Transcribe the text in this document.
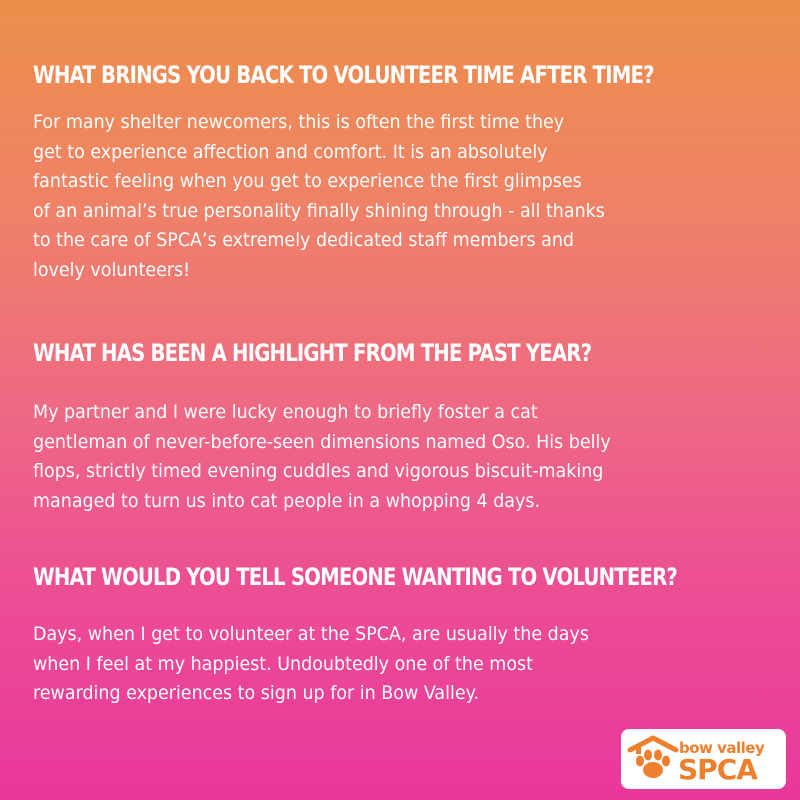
WHAT BRINGS YOU BACK TO VOLUNTEER TIME AFTER TIME?

For many shelter newcomers, this is often the first time they
get to experience affection and comfort. It is an absolutely
fantastic feeling when you get to experience the first glimpses
of an animal’s true personality finally shining through - all thanks
to the care of SPCA’s extremely dedicated staff members and
lovely volunteers!

WHAT HAS BEEN A HIGHLIGHT FROM THE PAST YEAR?

My partner and I were lucky enough to briefly foster a cat
gentleman of never-before-seen dimensions named Oso. His belly
flops, strictly timed evening cuddles and vigorous biscuit-making
managed to turn us into cat people in a whopping 4 days.

WHAT WOULD YOU TELL SOMEONE WANTING TO VOLUNTEER?

Days, when I get to volunteer at the SPCA, are usually the days
when I feel at my happiest. Undoubtedly one of the most
rewarding experiences to sign up for in Bow Valley.

bow valley
SPCA
